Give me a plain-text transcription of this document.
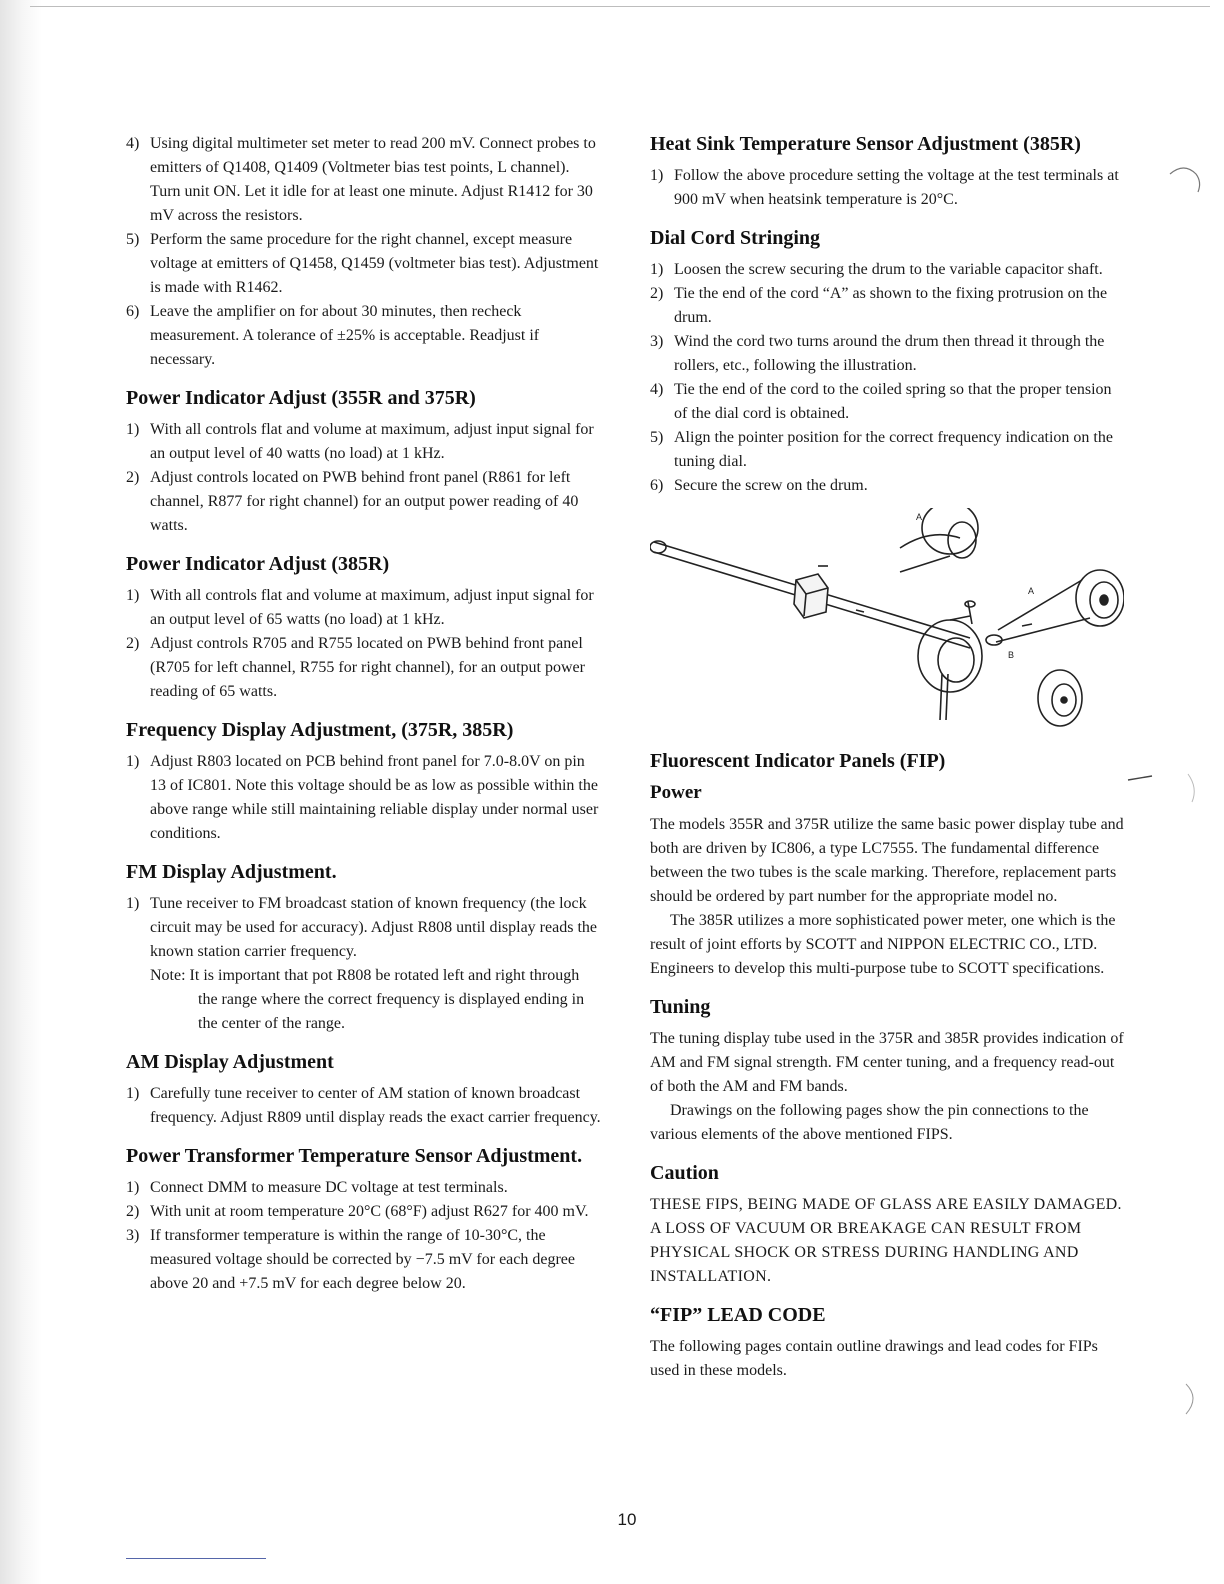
4) Using digital multimeter set meter to read 200 mV. Connect probes to emitters of Q1408, Q1409 (Voltmeter bias test points, L channel). Turn unit ON. Let it idle for at least one minute. Adjust R1412 for 30 mV across the resistors.
5) Perform the same procedure for the right channel, except measure voltage at emitters of Q1458, Q1459 (voltmeter bias test). Adjustment is made with R1462.
6) Leave the amplifier on for about 30 minutes, then recheck measurement. A tolerance of ±25% is acceptable. Readjust if necessary.
Power Indicator Adjust (355R and 375R)
1) With all controls flat and volume at maximum, adjust input signal for an output level of 40 watts (no load) at 1 kHz.
2) Adjust controls located on PWB behind front panel (R861 for left channel, R877 for right channel) for an output power reading of 40 watts.
Power Indicator Adjust (385R)
1) With all controls flat and volume at maximum, adjust input signal for an output level of 65 watts (no load) at 1 kHz.
2) Adjust controls R705 and R755 located on PWB behind front panel (R705 for left channel, R755 for right channel), for an output power reading of 65 watts.
Frequency Display Adjustment, (375R, 385R)
1) Adjust R803 located on PCB behind front panel for 7.0-8.0V on pin 13 of IC801. Note this voltage should be as low as possible within the above range while still maintaining reliable display under normal user conditions.
FM Display Adjustment.
1) Tune receiver to FM broadcast station of known frequency (the lock circuit may be used for accuracy). Adjust R808 until display reads the known station carrier frequency.
Note: It is important that pot R808 be rotated left and right through the range where the correct frequency is displayed ending in the center of the range.
AM Display Adjustment
1) Carefully tune receiver to center of AM station of known broadcast frequency. Adjust R809 until display reads the exact carrier frequency.
Power Transformer Temperature Sensor Adjustment.
1) Connect DMM to measure DC voltage at test terminals.
2) With unit at room temperature 20°C (68°F) adjust R627 for 400 mV.
3) If transformer temperature is within the range of 10-30°C, the measured voltage should be corrected by −7.5 mV for each degree above 20 and +7.5 mV for each degree below 20.
Heat Sink Temperature Sensor Adjustment (385R)
1) Follow the above procedure setting the voltage at the test terminals at 900 mV when heatsink temperature is 20°C.
Dial Cord Stringing
1) Loosen the screw securing the drum to the variable capacitor shaft.
2) Tie the end of the cord “A” as shown to the fixing protrusion on the drum.
3) Wind the cord two turns around the drum then thread it through the rollers, etc., following the illustration.
4) Tie the end of the cord to the coiled spring so that the proper tension of the dial cord is obtained.
5) Align the pointer position for the correct frequency indication on the tuning dial.
6) Secure the screw on the drum.
A
A
B
Fluorescent Indicator Panels (FIP)
Power

The models 355R and 375R utilize the same basic power display tube and both are driven by IC806, a type LC7555. The fundamental difference between the two tubes is the scale marking. Therefore, replacement parts should be ordered by part number for the appropriate model no.

The 385R utilizes a more sophisticated power meter, one which is the result of joint efforts by SCOTT and NIPPON ELECTRIC CO., LTD. Engineers to develop this multi-purpose tube to SCOTT specifications.

Tuning

The tuning display tube used in the 375R and 385R provides indication of AM and FM signal strength. FM center tuning, and a frequency read-out of both the AM and FM bands.

Drawings on the following pages show the pin connections to the various elements of the above mentioned FIPS.

Caution

THESE FIPS, BEING MADE OF GLASS ARE EASILY DAMAGED. A LOSS OF VACUUM OR BREAKAGE CAN RESULT FROM PHYSICAL SHOCK OR STRESS DURING HANDLING AND INSTALLATION.

“FIP” LEAD CODE

The following pages contain outline drawings and lead codes for FIPs used in these models.

10
